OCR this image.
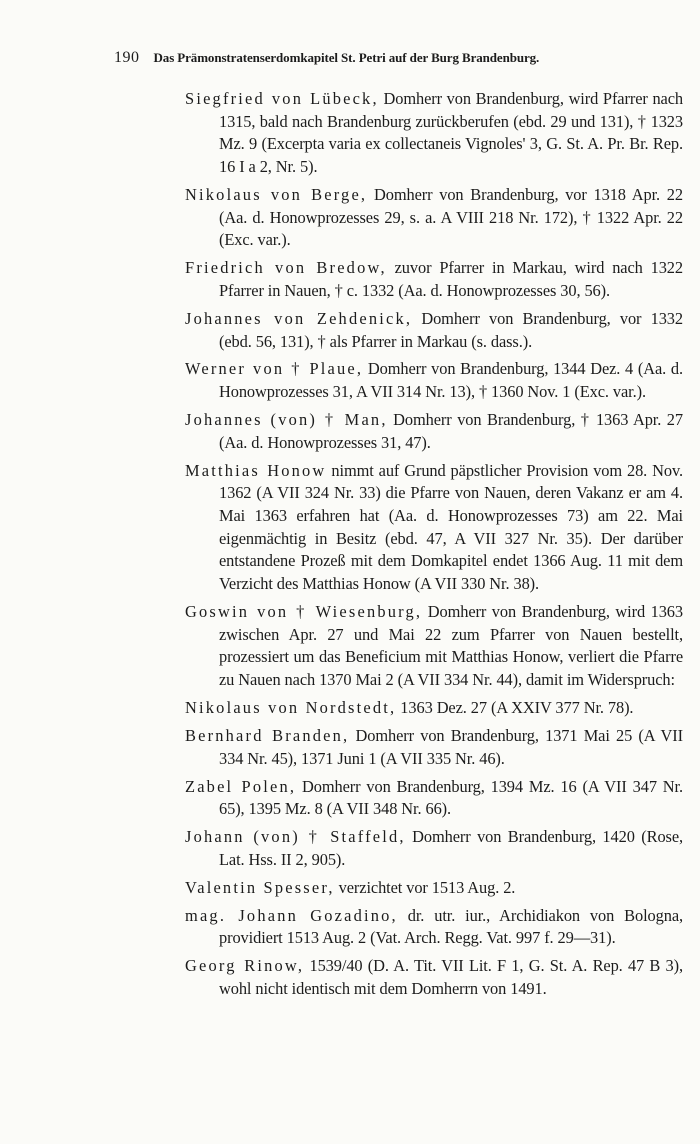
190 Das Prämonstratenserdomkapitel St. Petri auf der Burg Brandenburg.

Siegfried von Lübeck, Domherr von Brandenburg, wird Pfarrer nach 1315, bald nach Brandenburg zurückberufen (ebd. 29 und 131), † 1323 Mz. 9 (Excerpta varia ex collectaneis Vignoles' 3, G. St. A. Pr. Br. Rep. 16 I a 2, Nr. 5).

Nikolaus von Berge, Domherr von Brandenburg, vor 1318 Apr. 22 (Aa. d. Honowprozesses 29, s. a. A VIII 218 Nr. 172), † 1322 Apr. 22 (Exc. var.).

Friedrich von Bredow, zuvor Pfarrer in Markau, wird nach 1322 Pfarrer in Nauen, † c. 1332 (Aa. d. Honowprozesses 30, 56).

Johannes von Zehdenick, Domherr von Brandenburg, vor 1332 (ebd. 56, 131), † als Pfarrer in Markau (s. dass.).

Werner von † Plaue, Domherr von Brandenburg, 1344 Dez. 4 (Aa. d. Honowprozesses 31, A VII 314 Nr. 13), † 1360 Nov. 1 (Exc. var.).

Johannes (von) † Man, Domherr von Brandenburg, † 1363 Apr. 27 (Aa. d. Honowprozesses 31, 47).

Matthias Honow nimmt auf Grund päpstlicher Provision vom 28. Nov. 1362 (A VII 324 Nr. 33) die Pfarre von Nauen, deren Vakanz er am 4. Mai 1363 erfahren hat (Aa. d. Honowprozesses 73) am 22. Mai eigenmächtig in Besitz (ebd. 47, A VII 327 Nr. 35). Der darüber entstandene Prozeß mit dem Domkapitel endet 1366 Aug. 11 mit dem Verzicht des Matthias Honow (A VII 330 Nr. 38).

Goswin von † Wiesenburg, Domherr von Brandenburg, wird 1363 zwischen Apr. 27 und Mai 22 zum Pfarrer von Nauen bestellt, prozessiert um das Beneficium mit Matthias Honow, verliert die Pfarre zu Nauen nach 1370 Mai 2 (A VII 334 Nr. 44), damit im Widerspruch:

Nikolaus von Nordstedt, 1363 Dez. 27 (A XXIV 377 Nr. 78).

Bernhard Branden, Domherr von Brandenburg, 1371 Mai 25 (A VII 334 Nr. 45), 1371 Juni 1 (A VII 335 Nr. 46).

Zabel Polen, Domherr von Brandenburg, 1394 Mz. 16 (A VII 347 Nr. 65), 1395 Mz. 8 (A VII 348 Nr. 66).

Johann (von) † Staffeld, Domherr von Brandenburg, 1420 (Rose, Lat. Hss. II 2, 905).

Valentin Spesser, verzichtet vor 1513 Aug. 2.

mag. Johann Gozadino, dr. utr. iur., Archidiakon von Bologna, providiert 1513 Aug. 2 (Vat. Arch. Regg. Vat. 997 f. 29—31).

Georg Rinow, 1539/40 (D. A. Tit. VII Lit. F 1, G. St. A. Rep. 47 B 3), wohl nicht identisch mit dem Domherrn von 1491.
